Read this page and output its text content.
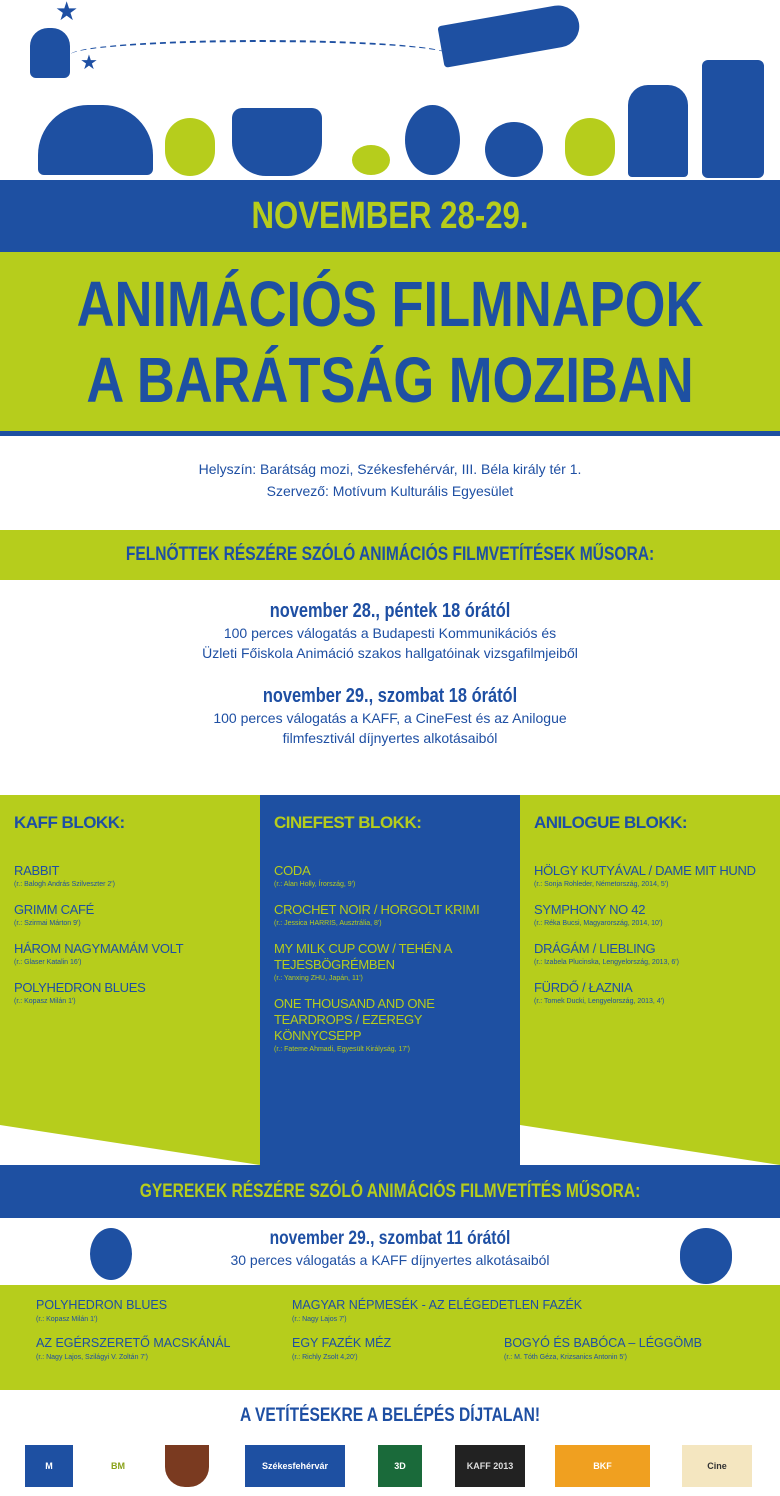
★
★
NOVEMBER 28-29.
ANIMÁCIÓS FILMNAPOK
A BARÁTSÁG MOZIBAN
Helyszín: Barátság mozi, Székesfehérvár, III. Béla király tér 1.
Szervező: Motívum Kulturális Egyesület
FELNŐTTEK RÉSZÉRE SZÓLÓ ANIMÁCIÓS FILMVETÍTÉSEK MŰSORA:
november 28., péntek 18 órától
100 perces válogatás a Budapesti Kommunikációs és
Üzleti Főiskola Animáció szakos hallgatóinak vizsgafilmjeiből
november 29., szombat 18 órától
100 perces válogatás a KAFF, a CineFest és az Anilogue
filmfesztivál díjnyertes alkotásaiból
KAFF BLOKK:
RABBIT
(r.: Balogh András Szilveszter 2')
GRIMM CAFÉ
(r.: Szirmai Márton 9')
HÁROM NAGYMAMÁM VOLT
(r.: Glaser Katalin 16')
POLYHEDRON BLUES
(r.: Kopasz Milán 1')
CINEFEST BLOKK:
CODA
(r.: Alan Holly, Írország, 9')
CROCHET NOIR / HORGOLT KRIMI
(r.: Jessica HARRIS, Ausztrália, 8')
MY MILK CUP COW / TEHÉN A TEJESBÖGRÉMBEN
(r.: Yanxing ZHU, Japán, 11')
ONE THOUSAND AND ONE TEARDROPS / EZEREGY KÖNNYCSEPP
(r.: Fateme Ahmadi, Egyesült Királyság, 17')
ANILOGUE BLOKK:
HÖLGY KUTYÁVAL / DAME MIT HUND
(r.: Sonja Rohleder, Németország, 2014, 5')
SYMPHONY NO 42
(r.: Réka Bucsi, Magyarország, 2014, 10')
DRÁGÁM / LIEBLING
(r.: Izabela Plucinska, Lengyelország, 2013, 6')
FÜRDŐ / ŁAZNIA
(r.: Tomek Ducki, Lengyelország, 2013, 4')
GYEREKEK RÉSZÉRE SZÓLÓ ANIMÁCIÓS FILMVETÍTÉS MŰSORA:
november 29., szombat 11 órától
30 perces válogatás a KAFF díjnyertes alkotásaiból
POLYHEDRON BLUES
(r.: Kopasz Milán 1')
MAGYAR NÉPMESÉK - AZ ELÉGEDETLEN FAZÉK
(r.: Nagy Lajos 7')
AZ EGÉRSZERETŐ MACSKÁNÁL
(r.: Nagy Lajos, Szilágyi V. Zoltán 7')
EGY FAZÉK MÉZ
(r.: Richly Zsolt 4,20')
BOGYÓ ÉS BABÓCA – LÉGGÖMB
(r.: M. Tóth Géza, Krizsanics Antonin 5')
A VETÍTÉSEKRE A BELÉPÉS DÍJTALAN!
M	BM	Székesfehérvár	3D	KAFF 2013	BKF	Cine
